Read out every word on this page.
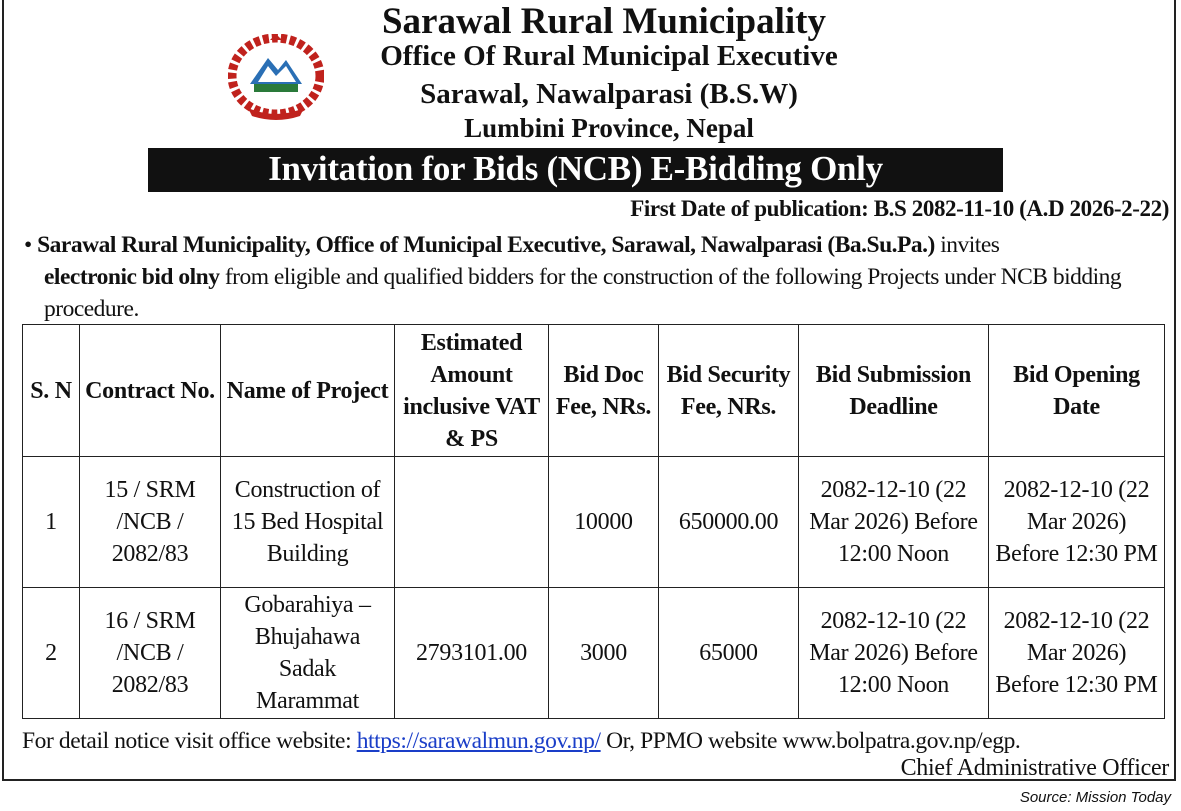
Sarawal Rural Municipality
Office Of Rural Municipal Executive
Sarawal, Nawalparasi (B.S.W)
Lumbini Province, Nepal
Invitation for Bids (NCB) E-Bidding Only
First Date of publication: B.S 2082-11-10 (A.D 2026-2-22)
• Sarawal Rural Municipality, Office of Municipal Executive, Sarawal, Nawalparasi (Ba.Su.Pa.) invites
electronic bid olny from eligible and qualified bidders for the construction of the following Projects under NCB bidding procedure.
S. N	Contract No.	Name of Project	Estimated Amount inclusive VAT & PS	Bid Doc Fee, NRs.	Bid Security Fee, NRs.	Bid Submission Deadline	Bid Opening Date
1	15 / SRM /NCB / 2082/83	Construction of 15 Bed Hospital Building		10000	650000.00	2082-12-10 (22 Mar 2026) Before 12:00 Noon	2082-12-10 (22 Mar 2026) Before 12:30 PM
2	16 / SRM /NCB / 2082/83	Gobarahiya – Bhujahawa Sadak Marammat	2793101.00	3000	65000	2082-12-10 (22 Mar 2026) Before 12:00 Noon	2082-12-10 (22 Mar 2026) Before 12:30 PM
For detail notice visit office website: https://sarawalmun.gov.np/ Or, PPMO website www.bolpatra.gov.np/egp.
Chief Administrative Officer
Source: Mission Today
